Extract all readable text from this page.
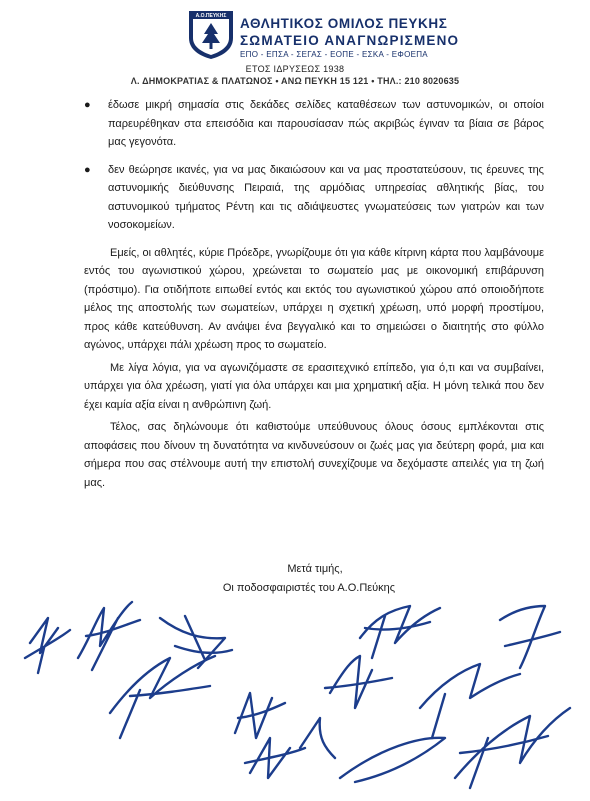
Α.Ο.ΠΕΥΚΗΣ ΑΘΛΗΤΙΚΟΣ ΟΜΙΛΟΣ ΠΕΥΚΗΣ
ΣΩΜΑΤΕΙΟ ΑΝΑΓΝΩΡΙΣΜΕΝΟ
ΕΠΟ - ΕΠΣΑ - ΣΕΓΑΣ - ΕΟΠΕ - ΕΣΚΑ - ΕΦΟΕΠΑ
ΕΤΟΣ ΙΔΡΥΣΕΩΣ 1938
Λ. ΔΗΜΟΚΡΑΤΙΑΣ & ΠΛΑΤΩΝΟΣ • ΑΝΩ ΠΕΥΚΗ 15 121 • ΤΗΛ.: 210 8020635
● έδωσε μικρή σημασία στις δεκάδες σελίδες καταθέσεων των αστυνομικών, οι οποίοι παρευρέθηκαν στα επεισόδια και παρουσίασαν πώς ακριβώς έγιναν τα βίαια σε βάρος μας γεγονότα.
● δεν θεώρησε ικανές, για να μας δικαιώσουν και να μας προστατεύσουν, τις έρευνες της αστυνομικής διεύθυνσης Πειραιά, της αρμόδιας υπηρεσίας αθλητικής βίας, του αστυνομικού τμήματος Ρέντη και τις αδιάψευστες γνωματεύσεις των γιατρών και των νοσοκομείων.

Εμείς, οι αθλητές, κύριε Πρόεδρε, γνωρίζουμε ότι για κάθε κίτρινη κάρτα που λαμβάνουμε εντός του αγωνιστικού χώρου, χρεώνεται το σωματείο μας με οικονομική επιβάρυνση (πρόστιμο). Για οτιδήποτε ειπωθεί εντός και εκτός του αγωνιστικού χώρου από οποιοδήποτε μέλος της αποστολής των σωματείων, υπάρχει η σχετική χρέωση, υπό μορφή προστίμου, προς κάθε κατεύθυνση. Αν ανάψει ένα βεγγαλικό και το σημειώσει ο διαιτητής στο φύλλο αγώνος, υπάρχει πάλι χρέωση προς το σωματείο.

Με λίγα λόγια, για να αγωνιζόμαστε σε ερασιτεχνικό επίπεδο, για ό,τι και να συμβαίνει, υπάρχει για όλα χρέωση, γιατί για όλα υπάρχει και μια χρηματική αξία. Η μόνη τελικά που δεν έχει καμία αξία είναι η ανθρώπινη ζωή.

Τέλος, σας δηλώνουμε ότι καθιστούμε υπεύθυνους όλους όσους εμπλέκονται στις αποφάσεις που δίνουν τη δυνατότητα να κινδυνεύσουν οι ζωές μας για δεύτερη φορά, μια και σήμερα που σας στέλνουμε αυτή την επιστολή συνεχίζουμε να δεχόμαστε απειλές για τη ζωή μας.

Μετά τιμής,
Οι ποδοσφαιριστές του Α.Ο.Πεύκης
